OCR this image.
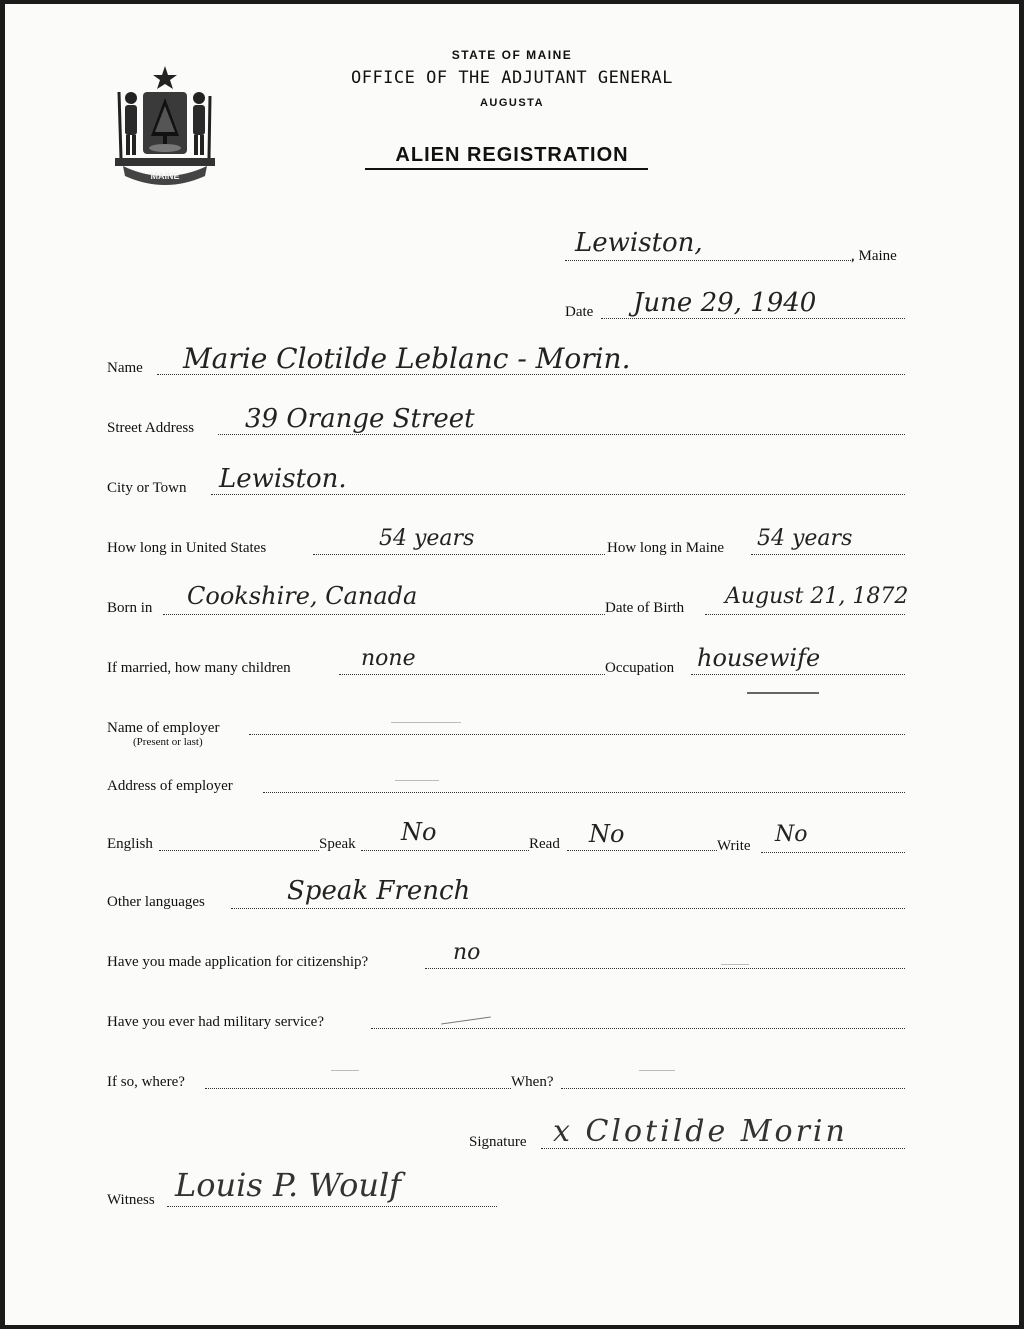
MAINE
STATE OF MAINE
OFFICE OF THE ADJUTANT GENERAL
AUGUSTA
ALIEN REGISTRATION
, Maine
Lewiston,
Date June 29, 1940
Name Marie Clotilde Leblanc - Morin.
Street Address 39 Orange Street
City or Town Lewiston.
How long in United States	54 years	How long in Maine 54 years
Born in Cookshire, Canada	Date of Birth August 21, 1872
If married, how many children	none	Occupation housewife
Name of employer
(Present or last)
Address of employer
English	Speak No	Read No	Write No
Other languages	Speak French
Have you made application for citizenship?	no
Have you ever had military service?
If so, where?	When?
Signature x Clotilde Morin
Witness Louis P. Woulf
